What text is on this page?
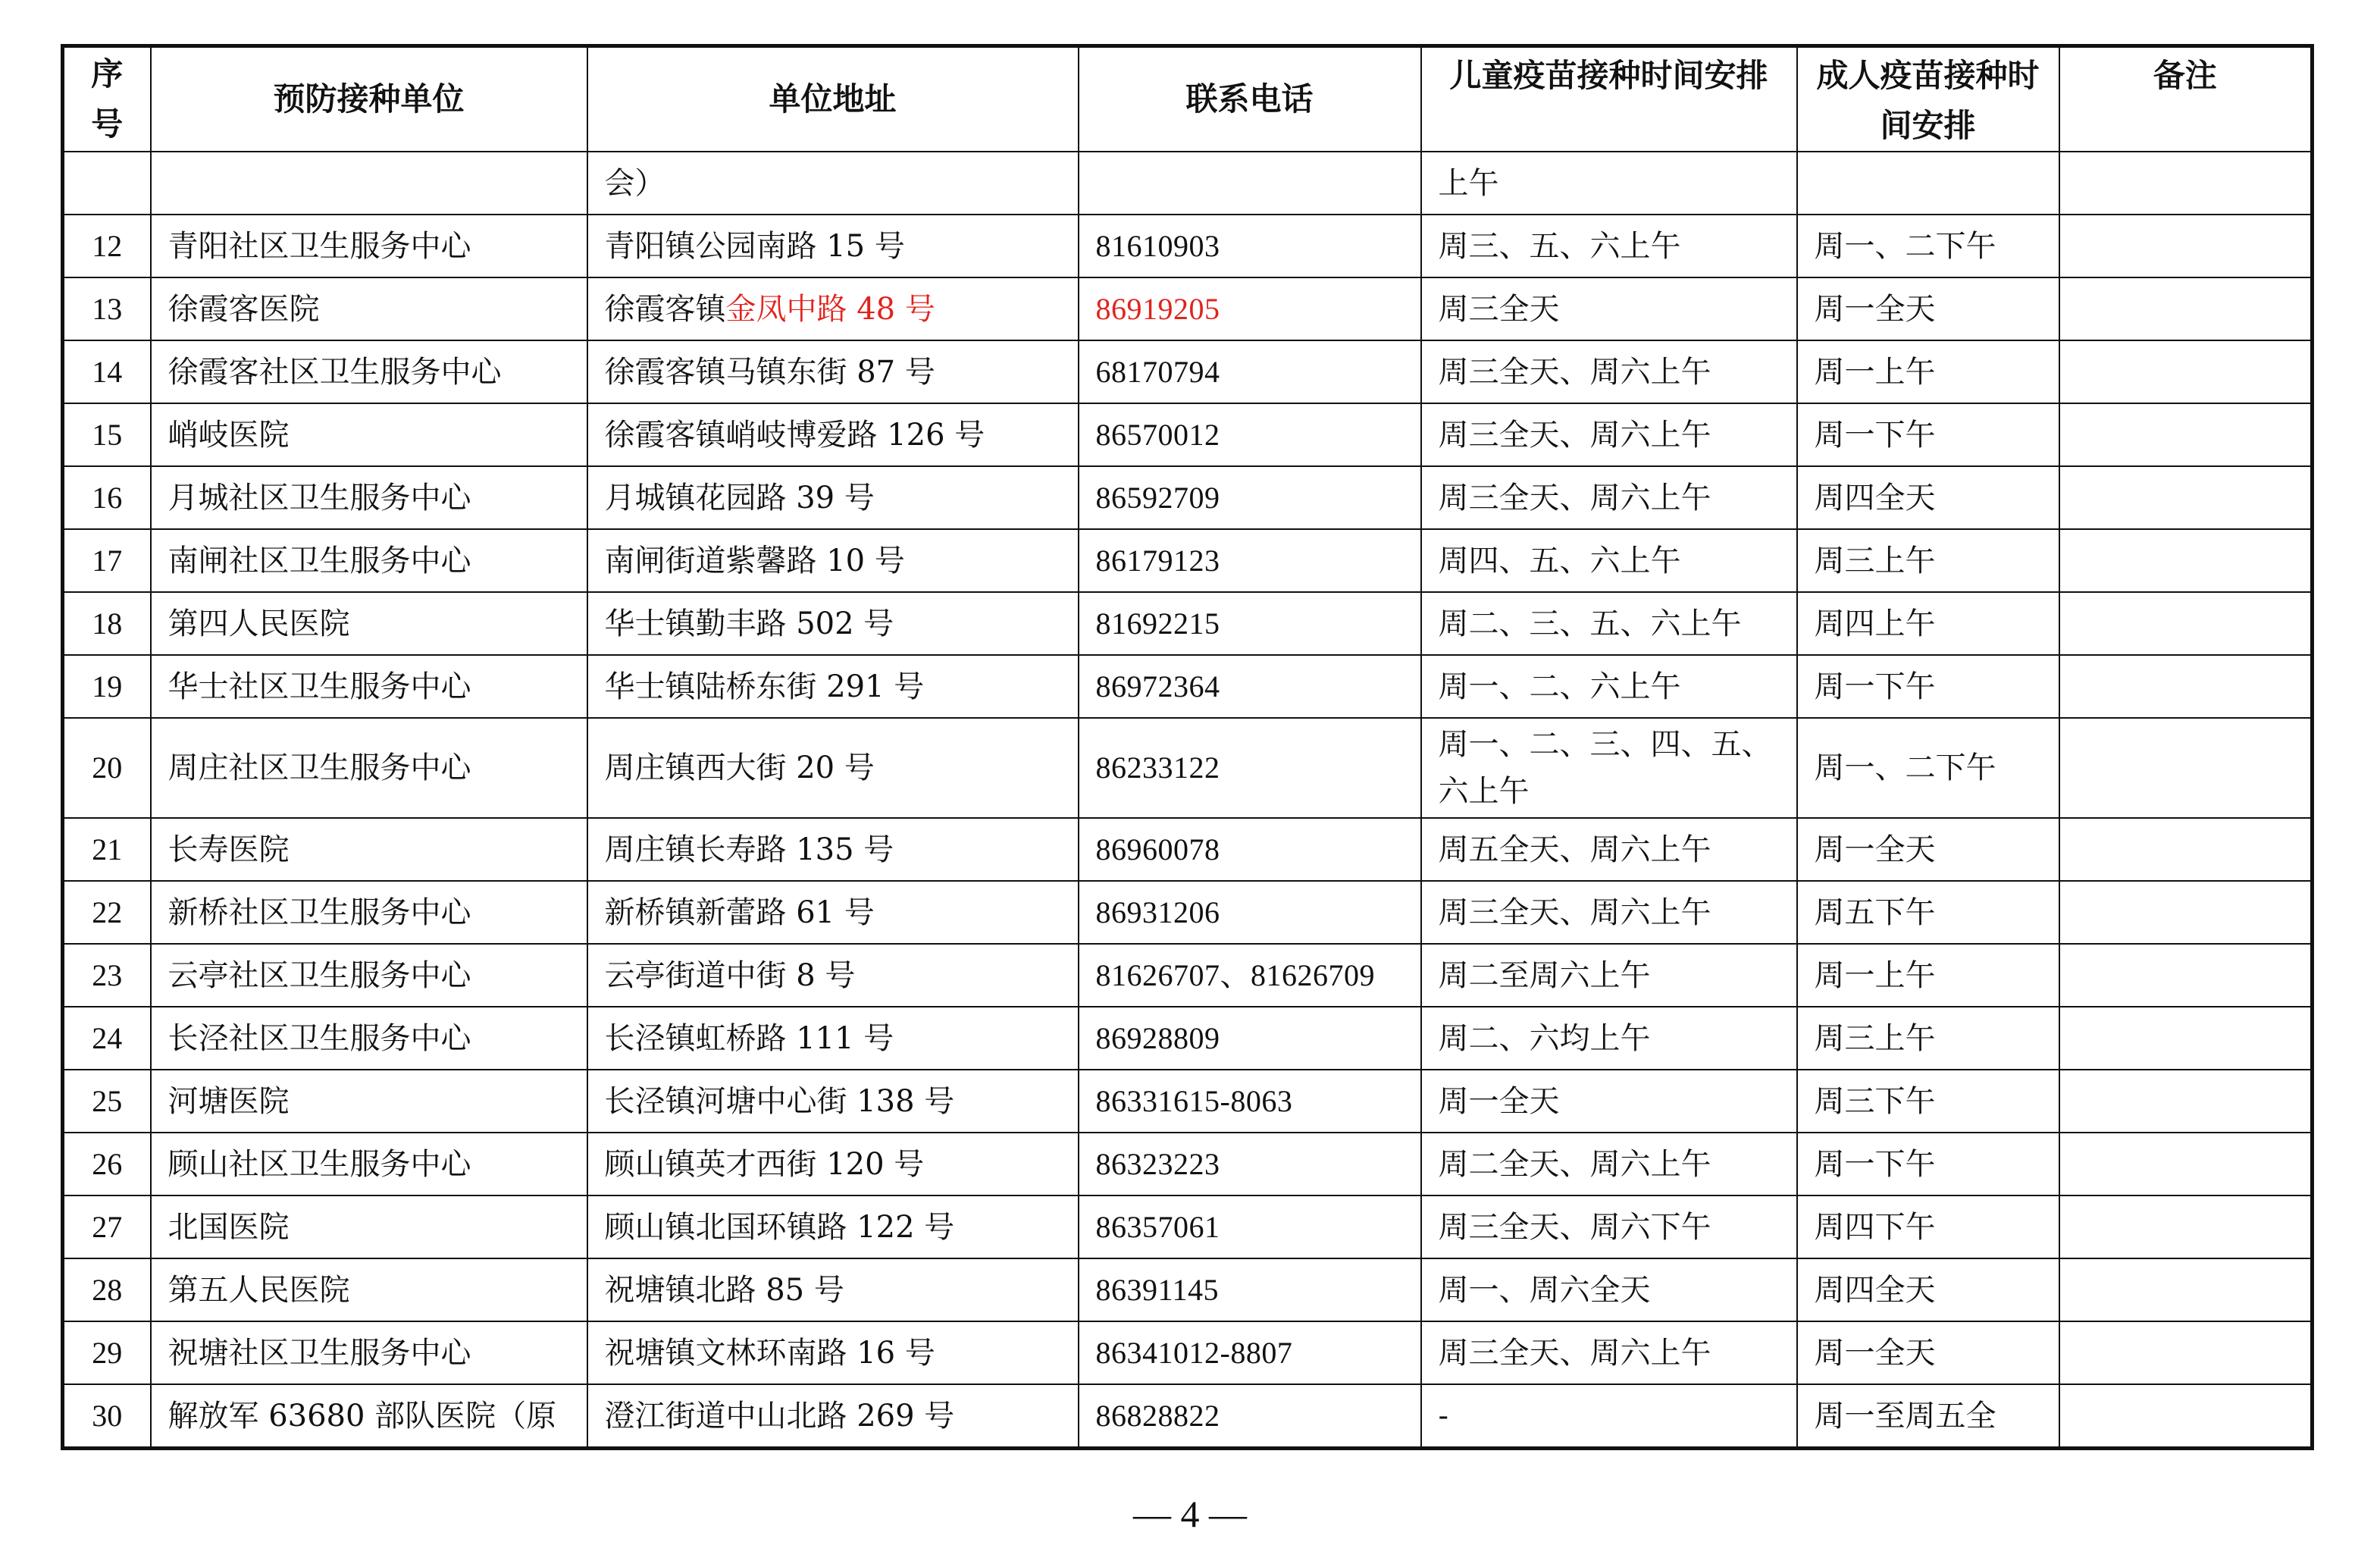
序号	预防接种单位	单位地址	联系电话	儿童疫苗接种时间安排	成人疫苗接种时间安排	备注
		会）		上午		
12	青阳社区卫生服务中心	青阳镇公园南路 15 号	81610903	周三、五、六上午	周一、二下午	
13	徐霞客医院	徐霞客镇金凤中路 48 号	86919205	周三全天	周一全天	
14	徐霞客社区卫生服务中心	徐霞客镇马镇东街 87 号	68170794	周三全天、周六上午	周一上午	
15	峭岐医院	徐霞客镇峭岐博爱路 126 号	86570012	周三全天、周六上午	周一下午	
16	月城社区卫生服务中心	月城镇花园路 39 号	86592709	周三全天、周六上午	周四全天	
17	南闸社区卫生服务中心	南闸街道紫馨路 10 号	86179123	周四、五、六上午	周三上午	
18	第四人民医院	华士镇勤丰路 502 号	81692215	周二、三、五、六上午	周四上午	
19	华士社区卫生服务中心	华士镇陆桥东街 291 号	86972364	周一、二、六上午	周一下午	
20	周庄社区卫生服务中心	周庄镇西大街 20 号	86233122	周一、二、三、四、五、六上午	周一、二下午	
21	长寿医院	周庄镇长寿路 135 号	86960078	周五全天、周六上午	周一全天	
22	新桥社区卫生服务中心	新桥镇新蕾路 61 号	86931206	周三全天、周六上午	周五下午	
23	云亭社区卫生服务中心	云亭街道中街 8 号	81626707、81626709	周二至周六上午	周一上午	
24	长泾社区卫生服务中心	长泾镇虹桥路 111 号	86928809	周二、六均上午	周三上午	
25	河塘医院	长泾镇河塘中心街 138 号	86331615-8063	周一全天	周三下午	
26	顾山社区卫生服务中心	顾山镇英才西街 120 号	86323223	周二全天、周六上午	周一下午	
27	北国医院	顾山镇北国环镇路 122 号	86357061	周三全天、周六下午	周四下午	
28	第五人民医院	祝塘镇北路 85 号	86391145	周一、周六全天	周四全天	
29	祝塘社区卫生服务中心	祝塘镇文林环南路 16 号	86341012-8807	周三全天、周六上午	周一全天	
30	解放军 63680 部队医院（原	澄江街道中山北路 269 号	86828822	-	周一至周五全	
— 4 —
